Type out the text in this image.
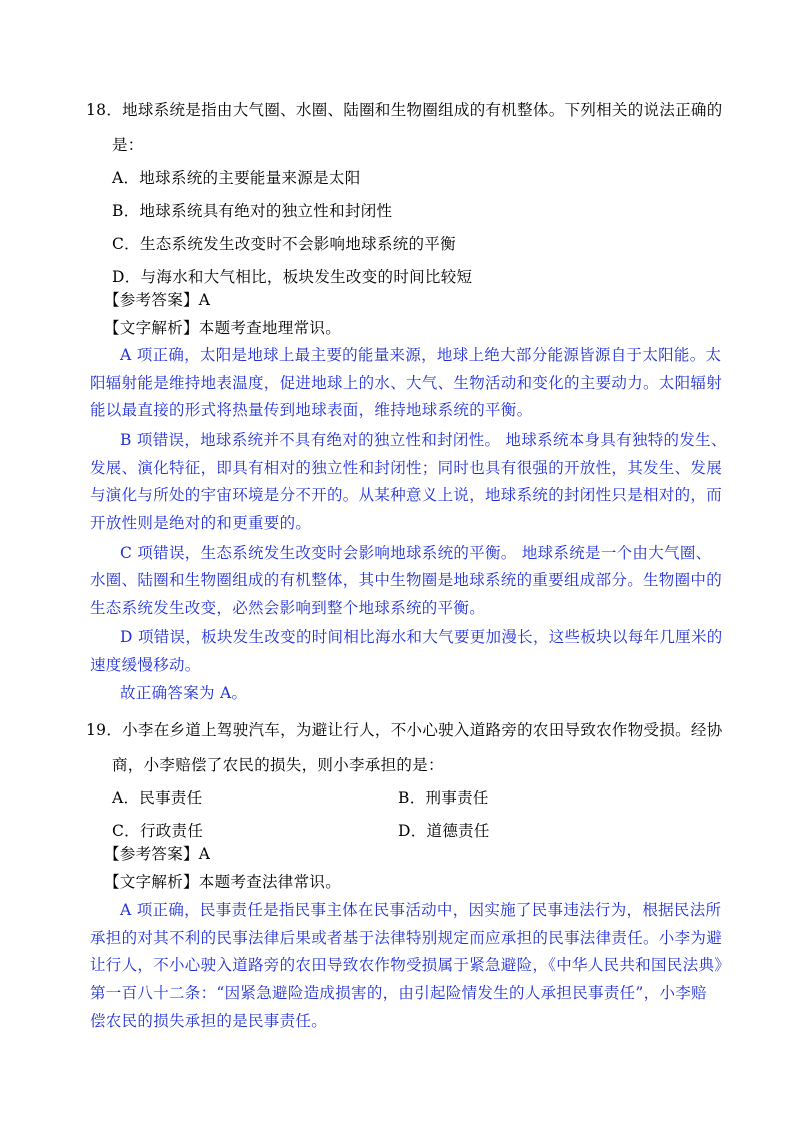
18．地球系统是指由大气圈、水圈、陆圈和生物圈组成的有机整体。下列相关的说法正确的
是：
A．地球系统的主要能量来源是太阳
B．地球系统具有绝对的独立性和封闭性
C．生态系统发生改变时不会影响地球系统的平衡
D．与海水和大气相比，板块发生改变的时间比较短
【参考答案】A
【文字解析】本题考查地理常识。
A 项正确，太阳是地球上最主要的能量来源，地球上绝大部分能源皆源自于太阳能。太
阳辐射能是维持地表温度，促进地球上的水、大气、生物活动和变化的主要动力。太阳辐射
能以最直接的形式将热量传到地球表面，维持地球系统的平衡。
B 项错误，地球系统并不具有绝对的独立性和封闭性。 地球系统本身具有独特的发生、
发展、演化特征，即具有相对的独立性和封闭性；同时也具有很强的开放性，其发生、发展
与演化与所处的宇宙环境是分不开的。从某种意义上说，地球系统的封闭性只是相对的，而
开放性则是绝对的和更重要的。
C 项错误，生态系统发生改变时会影响地球系统的平衡。 地球系统是一个由大气圈、
水圈、陆圈和生物圈组成的有机整体，其中生物圈是地球系统的重要组成部分。生物圈中的
生态系统发生改变，必然会影响到整个地球系统的平衡。
D 项错误，板块发生改变的时间相比海水和大气要更加漫长，这些板块以每年几厘米的
速度缓慢移动。
故正确答案为 A。
19．小李在乡道上驾驶汽车，为避让行人，不小心驶入道路旁的农田导致农作物受损。经协
商，小李赔偿了农民的损失，则小李承担的是：
A．民事责任	B．刑事责任
C．行政责任	D．道德责任
【参考答案】A
【文字解析】本题考查法律常识。
A 项正确，民事责任是指民事主体在民事活动中，因实施了民事违法行为，根据民法所
承担的对其不利的民事法律后果或者基于法律特别规定而应承担的民事法律责任。小李为避
让行人，不小心驶入道路旁的农田导致农作物受损属于紧急避险，《中华人民共和国民法典》
第一百八十二条：“因紧急避险造成损害的，由引起险情发生的人承担民事责任”，小李赔
偿农民的损失承担的是民事责任。
